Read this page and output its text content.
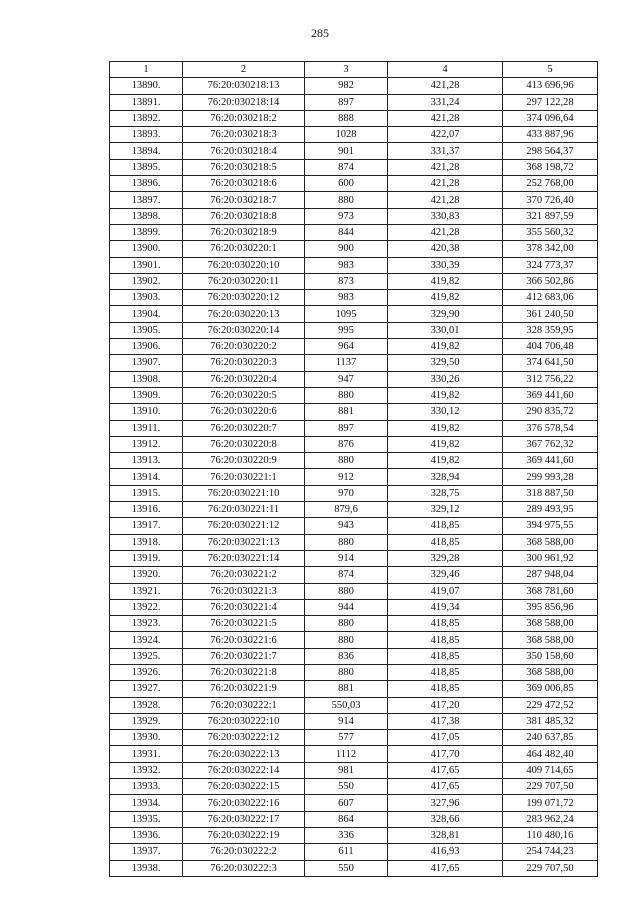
285
1	2	3	4	5
13890.	76:20:030218:13	982	421,28	413 696,96
13891.	76:20:030218:14	897	331,24	297 122,28
13892.	76:20:030218:2	888	421,28	374 096,64
13893.	76:20:030218:3	1028	422,07	433 887,96
13894.	76:20:030218:4	901	331,37	298 564,37
13895.	76:20:030218:5	874	421,28	368 198,72
13896.	76:20:030218:6	600	421,28	252 768,00
13897.	76:20:030218:7	880	421,28	370 726,40
13898.	76:20:030218:8	973	330,83	321 897,59
13899.	76:20:030218:9	844	421,28	355 560,32
13900.	76:20:030220:1	900	420,38	378 342,00
13901.	76:20:030220:10	983	330,39	324 773,37
13902.	76:20:030220:11	873	419,82	366 502,86
13903.	76:20:030220:12	983	419,82	412 683,06
13904.	76:20:030220:13	1095	329,90	361 240,50
13905.	76:20:030220:14	995	330,01	328 359,95
13906.	76:20:030220:2	964	419,82	404 706,48
13907.	76:20:030220:3	1137	329,50	374 641,50
13908.	76:20:030220:4	947	330,26	312 756,22
13909.	76:20:030220:5	880	419,82	369 441,60
13910.	76:20:030220:6	881	330,12	290 835,72
13911.	76:20:030220:7	897	419,82	376 578,54
13912.	76:20:030220:8	876	419,82	367 762,32
13913.	76:20:030220:9	880	419,82	369 441,60
13914.	76:20:030221:1	912	328,94	299 993,28
13915.	76:20:030221:10	970	328,75	318 887,50
13916.	76:20:030221:11	879,6	329,12	289 493,95
13917.	76:20:030221:12	943	418,85	394 975,55
13918.	76:20:030221:13	880	418,85	368 588,00
13919.	76:20:030221:14	914	329,28	300 961,92
13920.	76:20:030221:2	874	329,46	287 948,04
13921.	76:20:030221:3	880	419,07	368 781,60
13922.	76:20:030221:4	944	419,34	395 856,96
13923.	76:20:030221:5	880	418,85	368 588,00
13924.	76:20:030221:6	880	418,85	368 588,00
13925.	76:20:030221:7	836	418,85	350 158,60
13926.	76:20:030221:8	880	418,85	368 588,00
13927.	76:20:030221:9	881	418,85	369 006,85
13928.	76:20:030222:1	550,03	417,20	229 472,52
13929.	76:20:030222:10	914	417,38	381 485,32
13930.	76:20:030222:12	577	417,05	240 637,85
13931.	76:20:030222:13	1112	417,70	464 482,40
13932.	76:20:030222:14	981	417,65	409 714,65
13933.	76:20:030222:15	550	417,65	229 707,50
13934.	76:20:030222:16	607	327,96	199 071,72
13935.	76:20:030222:17	864	328,66	283 962,24
13936.	76:20:030222:19	336	328,81	110 480,16
13937.	76:20:030222:2	611	416,93	254 744,23
13938.	76:20:030222:3	550	417,65	229 707,50
